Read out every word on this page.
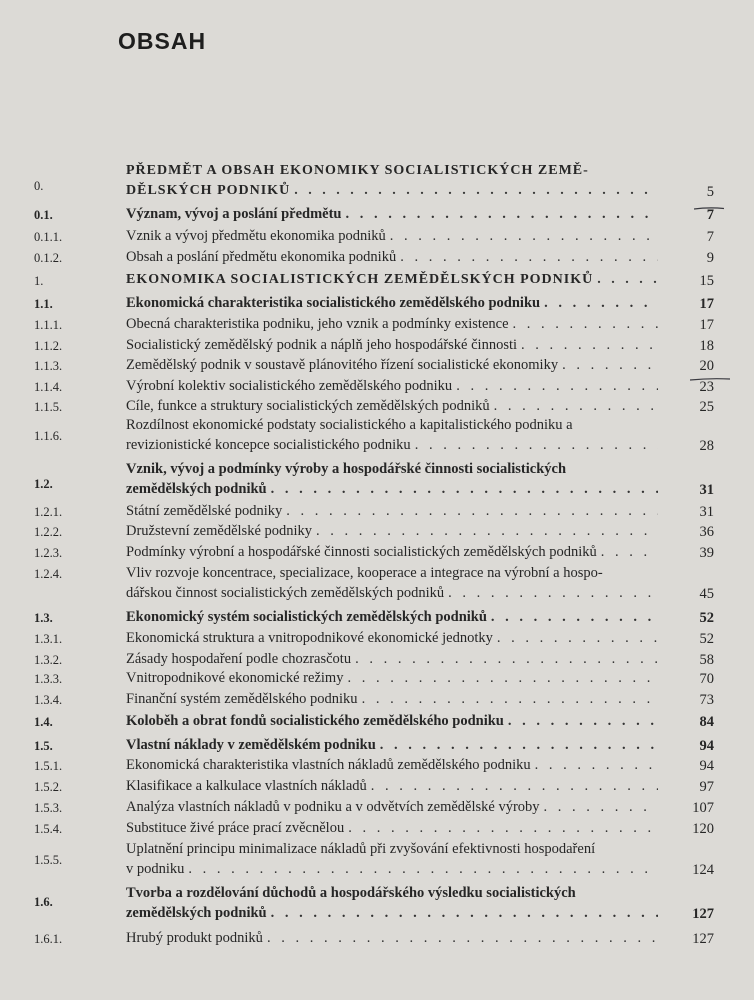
OBSAH
0.
PŘEDMĚT A OBSAH EKONOMIKY SOCIALISTICKÝCH ZEMĚ-
DĚLSKÝCH PODNIKŮ . . .	5
0.1.	Význam, vývoj a poslání předmětu . . .	7
0.1.1.	Vznik a vývoj předmětu ekonomika podniků . . .	7
0.1.2.	Obsah a poslání předmětu ekonomika podniků . . .	9
1.	EKONOMIKA SOCIALISTICKÝCH ZEMĚDĚLSKÝCH PODNIKŮ . . .	15
1.1.	Ekonomická charakteristika socialistického zemědělského podniku . . .	17
1.1.1.	Obecná charakteristika podniku, jeho vznik a podmínky existence . . .	17
1.1.2.	Socialistický zemědělský podnik a náplň jeho hospodářské činnosti . . .	18
1.1.3.	Zemědělský podnik v soustavě plánovitého řízení socialistické ekonomiky . . .	20
1.1.4.	Výrobní kolektiv socialistického zemědělského podniku . . .	23
1.1.5.	Cíle, funkce a struktury socialistických zemědělských podniků . . .	25
1.1.6.
Rozdílnost ekonomické podstaty socialistického a kapitalistického podniku a
revizionistické koncepce socialistického podniku . . .	28
1.2.
Vznik, vývoj a podmínky výroby a hospodářské činnosti socialistických
zemědělských podniků . . .	31
1.2.1.	Státní zemědělské podniky . . .	31
1.2.2.	Družstevní zemědělské podniky . . .	36
1.2.3.	Podmínky výrobní a hospodářské činnosti socialistických zemědělských podniků . . .	39
1.2.4.	Vliv rozvoje koncentrace, specializace, kooperace a integrace na výrobní a hospo-
dářskou činnost socialistických zemědělských podniků . . .	45
1.3.	Ekonomický systém socialistických zemědělských podniků . . .	52
1.3.1.	Ekonomická struktura a vnitropodnikové ekonomické jednotky . . .	52
1.3.2.	Zásady hospodaření podle chozrasčotu . . .	58
1.3.3.	Vnitropodnikové ekonomické režimy . . .	70
1.3.4.	Finanční systém zemědělského podniku . . .	73
1.4.	Koloběh a obrat fondů socialistického zemědělského podniku . . .	84
1.5.	Vlastní náklady v zemědělském podniku . . .	94
1.5.1.	Ekonomická charakteristika vlastních nákladů zemědělského podniku . . .	94
1.5.2.	Klasifikace a kalkulace vlastních nákladů . . .	97
1.5.3.	Analýza vlastních nákladů v podniku a v odvětvích zemědělské výroby . . .	107
1.5.4.	Substituce živé práce prací zvěcnělou . . .	120
1.5.5.
Uplatnění principu minimalizace nákladů při zvyšování efektivnosti hospodaření
v podniku . . .	124
1.6.
Tvorba a rozdělování důchodů a hospodářského výsledku socialistických
zemědělských podniků . . .	127
1.6.1.	Hrubý produkt podniků . . .	127
